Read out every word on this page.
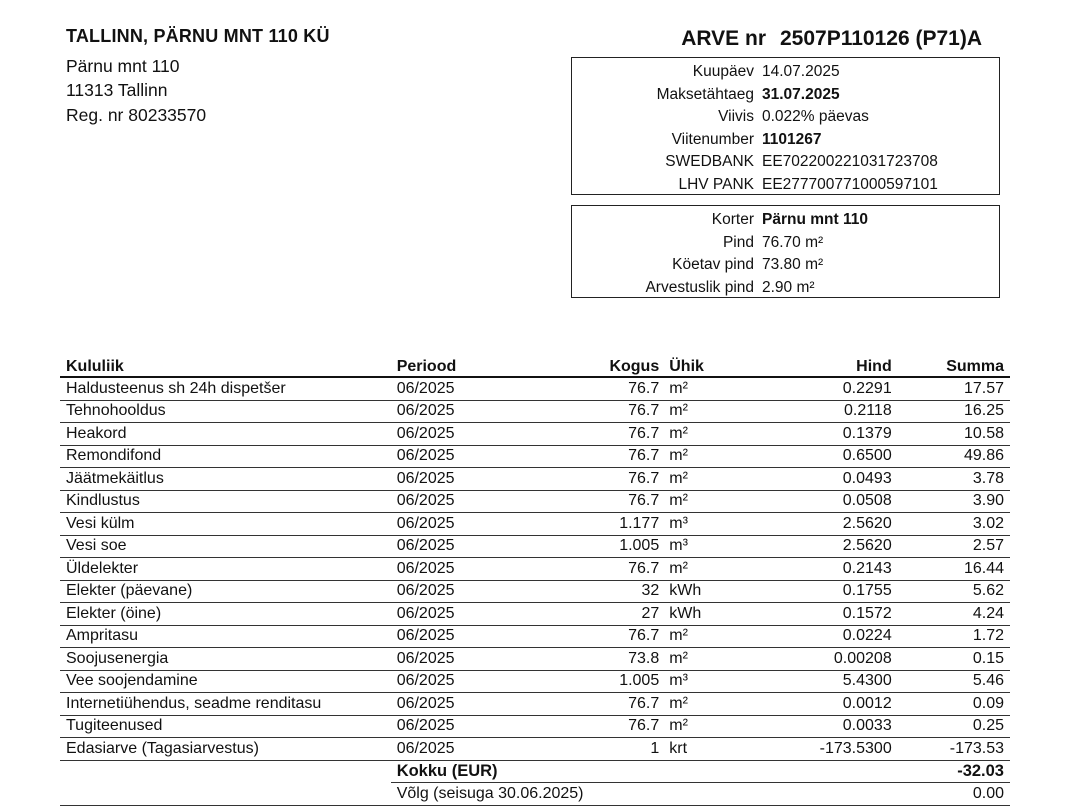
TALLINN, PÄRNU MNT 110 KÜ
Pärnu mnt 110
11313 Tallinn
Reg. nr 80233570
ARVE nr 2507P110126 (P71)A
Kuupäev 14.07.2025
Maksetähtaeg 31.07.2025
Viivis 0.022% päevas
Viitenumber 1101267
SWEDBANK EE702200221031723708
LHV PANK EE277700771000597101
Korter Pärnu mnt 110
Pind 76.70 m²
Köetav pind 73.80 m²
Arvestuslik pind 2.90 m²
Kululiik	Periood	Kogus	Ühik	Hind	Summa
Haldusteenus sh 24h dispetšer	06/2025	76.7	m²	0.2291	17.57
Tehnohooldus	06/2025	76.7	m²	0.2118	16.25
Heakord	06/2025	76.7	m²	0.1379	10.58
Remondifond	06/2025	76.7	m²	0.6500	49.86
Jäätmekäitlus	06/2025	76.7	m²	0.0493	3.78
Kindlustus	06/2025	76.7	m²	0.0508	3.90
Vesi külm	06/2025	1.177	m³	2.5620	3.02
Vesi soe	06/2025	1.005	m³	2.5620	2.57
Üldelekter	06/2025	76.7	m²	0.2143	16.44
Elekter (päevane)	06/2025	32	kWh	0.1755	5.62
Elekter (öine)	06/2025	27	kWh	0.1572	4.24
Ampritasu	06/2025	76.7	m²	0.0224	1.72
Soojusenergia	06/2025	73.8	m²	0.00208	0.15
Vee soojendamine	06/2025	1.005	m³	5.4300	5.46
Internetiühendus, seadme renditasu	06/2025	76.7	m²	0.0012	0.09
Tugiteenused	06/2025	76.7	m²	0.0033	0.25
Edasiarve (Tagasiarvestus)	06/2025	1	krt	-173.5300	-173.53
	Kokku (EUR)				-32.03
	Võlg (seisuga 30.06.2025)				0.00
